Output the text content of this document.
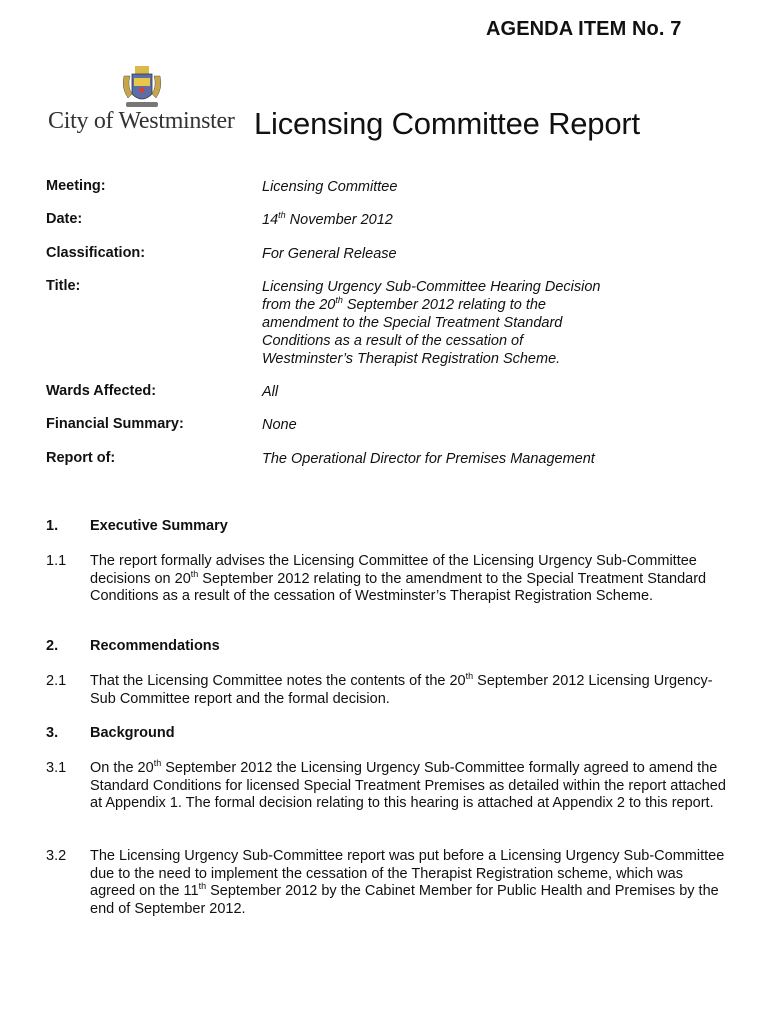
AGENDA ITEM No. 7
City of Westminster Licensing Committee Report
Meeting:	Licensing Committee
Date:	14th November 2012
Classification:	For General Release
Title:	Licensing Urgency Sub-Committee Hearing Decision
from the 20th September 2012 relating to the
amendment to the Special Treatment Standard
Conditions as a result of the cessation of
Westminster’s Therapist Registration Scheme.
Wards Affected:	All
Financial Summary:	None
Report of:	The Operational Director for Premises Management
1.	Executive Summary
1.1	The report formally advises the Licensing Committee of the Licensing Urgency Sub-Committee decisions on 20th September 2012 relating to the amendment to the Special Treatment Standard Conditions as a result of the cessation of Westminster’s Therapist Registration Scheme.
2.	Recommendations
2.1	That the Licensing Committee notes the contents of the 20th September 2012 Licensing Urgency-Sub Committee report and the formal decision.
3.	Background
3.1	On the 20th September 2012 the Licensing Urgency Sub-Committee formally agreed to amend the Standard Conditions for licensed Special Treatment Premises as detailed within the report attached at Appendix 1. The formal decision relating to this hearing is attached at Appendix 2 to this report.
3.2	The Licensing Urgency Sub-Committee report was put before a Licensing Urgency Sub-Committee due to the need to implement the cessation of the Therapist Registration scheme, which was agreed on the 11th September 2012 by the Cabinet Member for Public Health and Premises by the end of September 2012.
